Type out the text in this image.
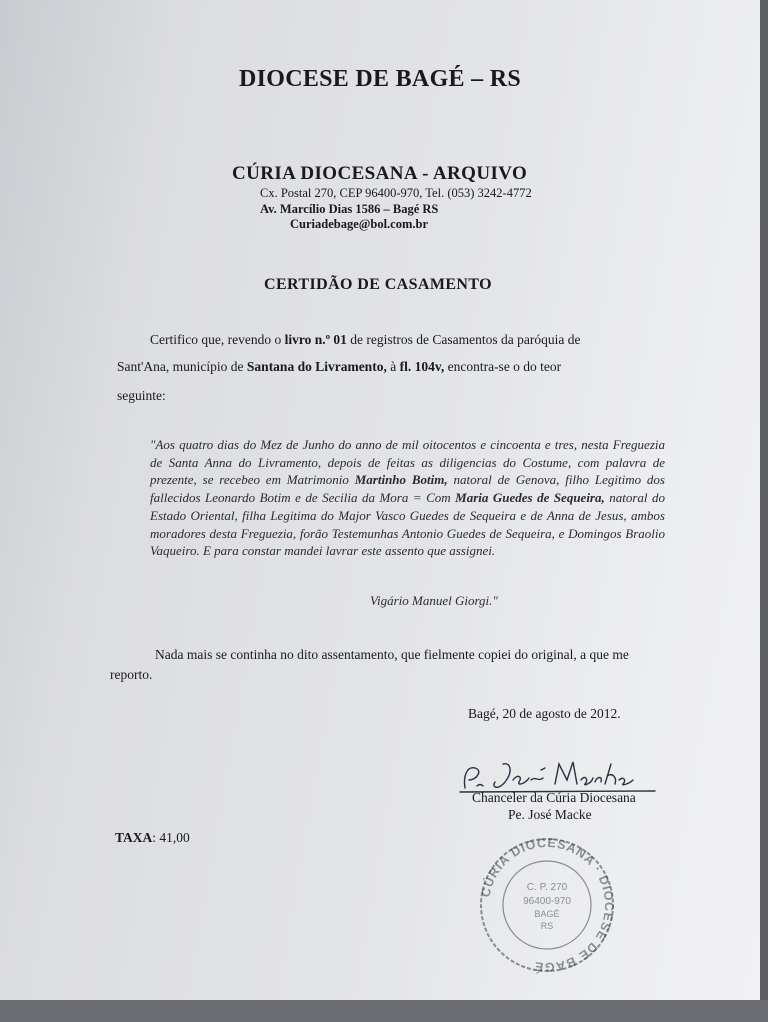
DIOCESE DE BAGÉ – RS
CÚRIA DIOCESANA - ARQUIVO
Cx. Postal 270, CEP 96400-970, Tel. (053) 3242-4772
Av. Marcílio Dias 1586 – Bagé RS
Curiadebage@bol.com.br
CERTIDÃO DE CASAMENTO
Certifico que, revendo o livro n.º 01 de registros de Casamentos da paróquia de
Sant'Ana, município de Santana do Livramento, à fl. 104v, encontra-se o do teor
seguinte:
"Aos quatro dias do Mez de Junho do anno de mil oitocentos e cincoenta e tres, nesta Freguezia de Santa Anna do Livramento, depois de feitas as diligencias do Costume, com palavra de prezente, se recebeo em Matrimonio Martinho Botim, natoral de Genova, filho Legitimo dos fallecidos Leonardo Botim e de Secilia da Mora = Com Maria Guedes de Sequeira, natoral do Estado Oriental, filha Legitima do Major Vasco Guedes de Sequeira e de Anna de Jesus, ambos moradores desta Freguezia, forão Testemunhas Antonio Guedes de Sequeira, e Domingos Braolio Vaqueiro. E para constar mandei lavrar este assento que assignei.
Vigário Manuel Giorgi."
Nada mais se continha no dito assentamento, que fielmente copiei do original, a que me reporto.
Bagé, 20 de agosto de 2012.
Chanceler da Cúria Diocesana
Pe. José Macke
TAXA: 41,00
CÚRIA DIOCESANA · DIOCESE DE BAGÉ
C. P. 270
96400-970
BAGÉ
RS
